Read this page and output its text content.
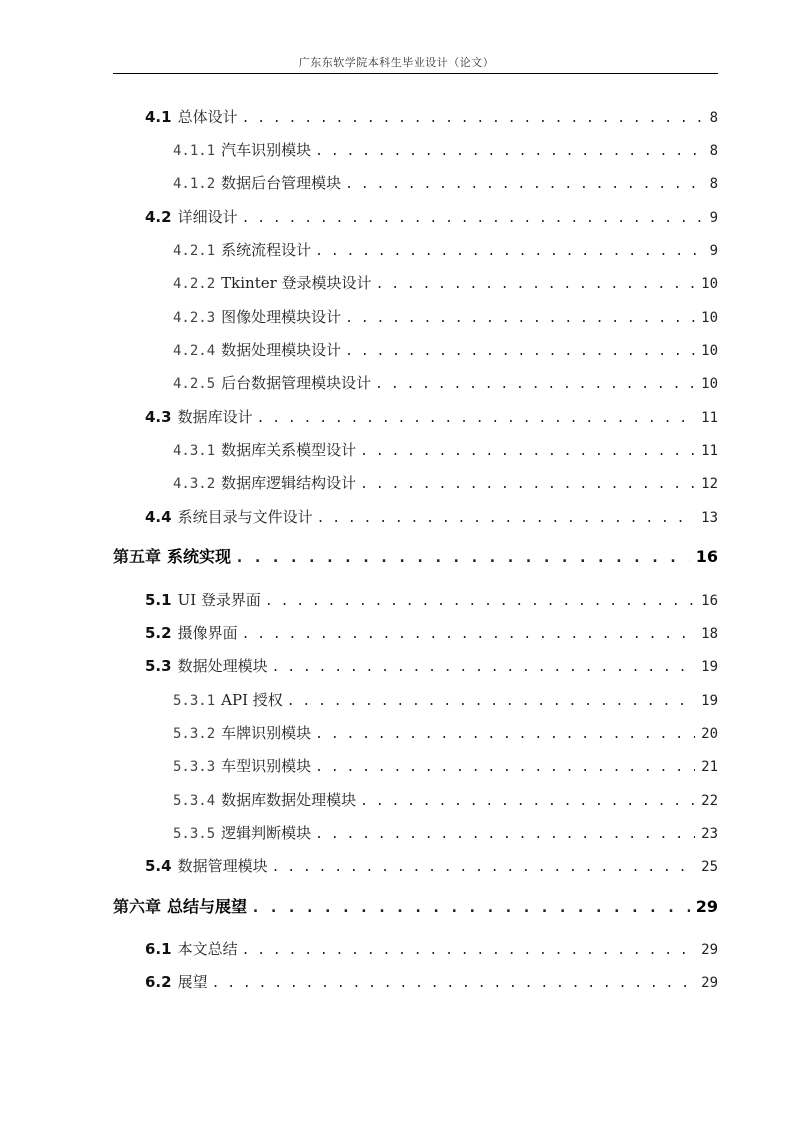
广东东软学院本科生毕业设计（论文）
4.1 总体设计 . . .	8
4.1.1 汽车识别模块 . . .	8
4.1.2 数据后台管理模块 . . .	8
4.2 详细设计 . . .	9
4.2.1 系统流程设计 . . .	9
4.2.2 Tkinter 登录模块设计 . . .	10
4.2.3 图像处理模块设计 . . .	10
4.2.4 数据处理模块设计 . . .	10
4.2.5 后台数据管理模块设计 . . .	10
4.3 数据库设计 . . .	11
4.3.1 数据库关系模型设计 . . .	11
4.3.2 数据库逻辑结构设计 . . .	12
4.4 系统目录与文件设计 . . .	13
第五章 系统实现 . . .	16
5.1 UI 登录界面 . . .	16
5.2 摄像界面 . . .	18
5.3 数据处理模块 . . .	19
5.3.1 API 授权 . . .	19
5.3.2 车牌识别模块 . . .	20
5.3.3 车型识别模块 . . .	21
5.3.4 数据库数据处理模块 . . .	22
5.3.5 逻辑判断模块 . . .	23
5.4 数据管理模块 . . .	25
第六章 总结与展望 . . .	29
6.1 本文总结 . . .	29
6.2 展望 . . .	29
